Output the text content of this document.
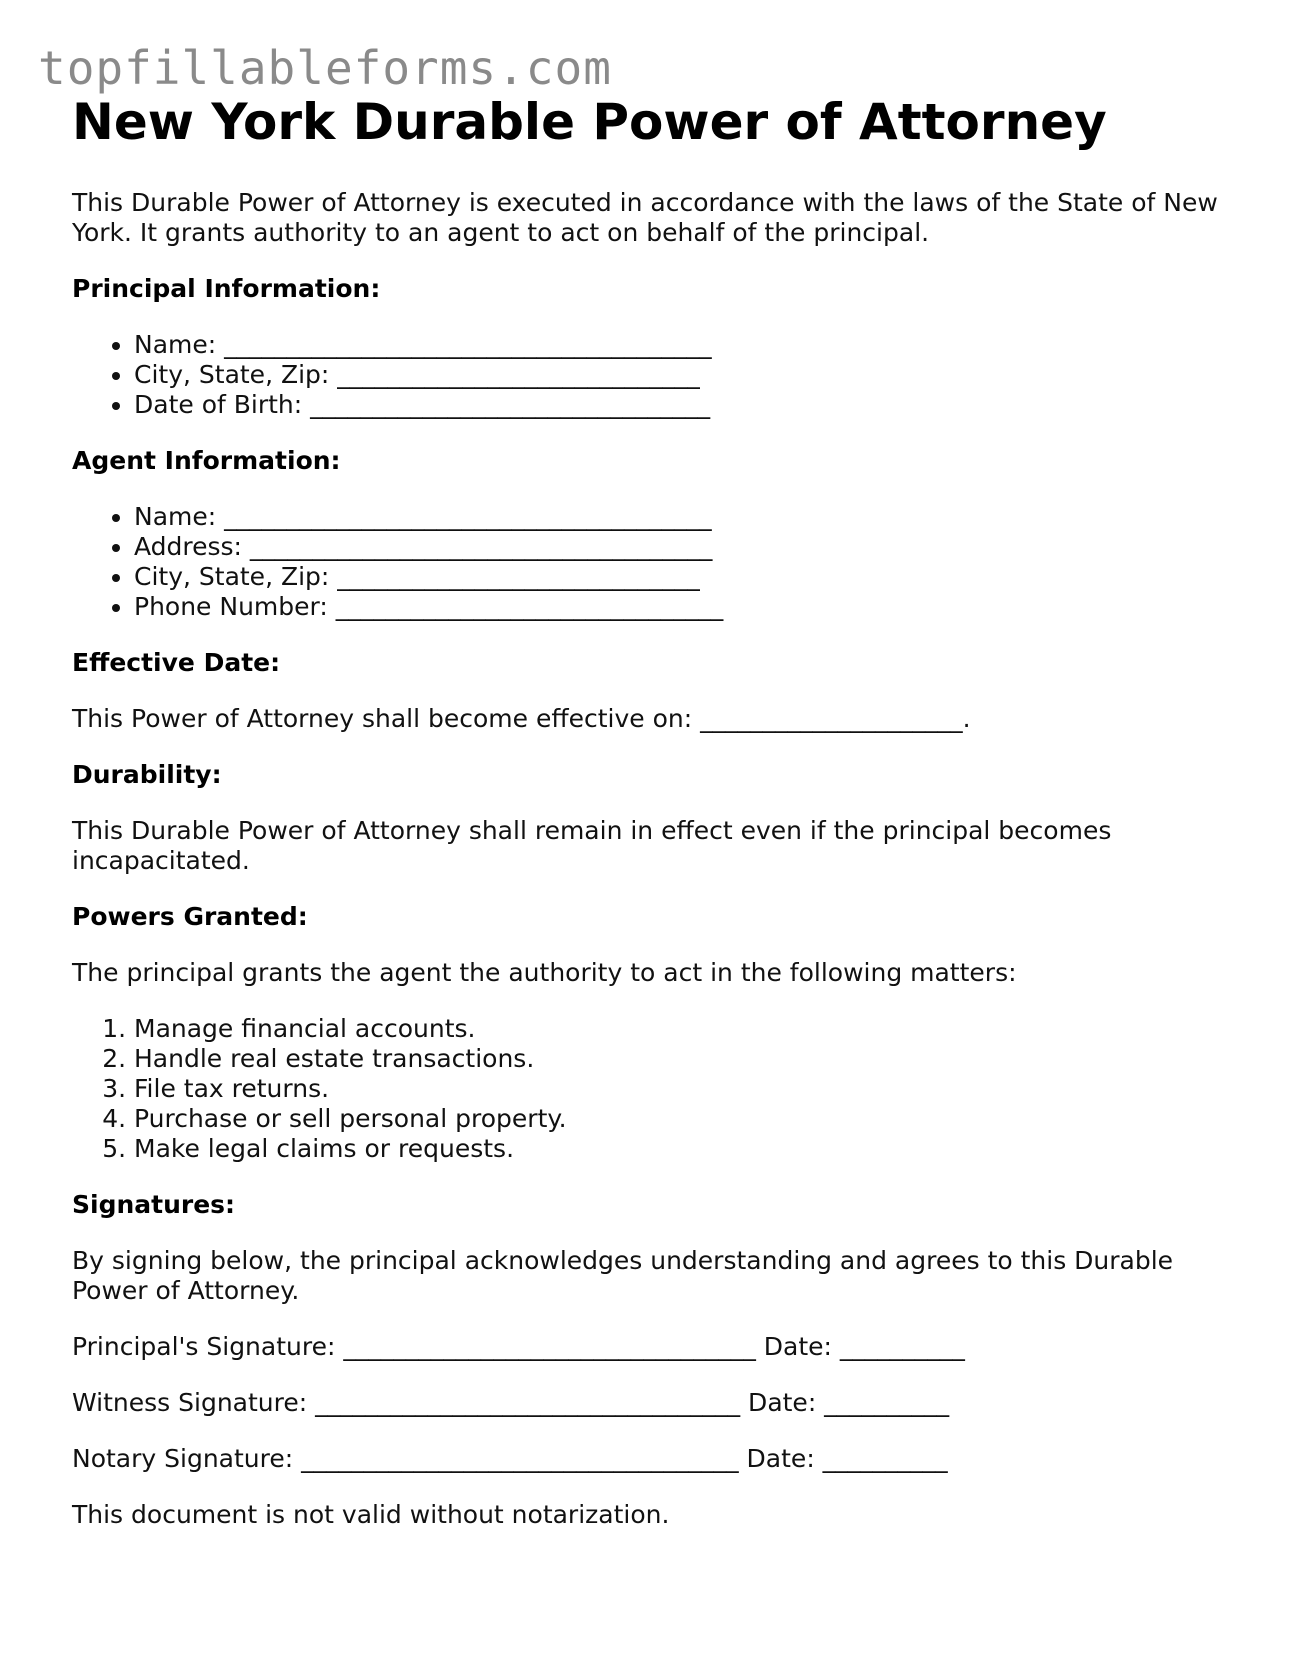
topfillableforms.com
New York Durable Power of Attorney

This Durable Power of Attorney is executed in accordance with the laws of the State of New York. It grants authority to an agent to act on behalf of the principal.

Principal Information:
• Name: _______________________________________
• City, State, Zip: _____________________________
• Date of Birth: ________________________________
Agent Information:
• Name: _______________________________________
• Address: _____________________________________
• City, State, Zip: _____________________________
• Phone Number: _______________________________
Effective Date:

This Power of Attorney shall become effective on: _____________________.

Durability:

This Durable Power of Attorney shall remain in effect even if the principal becomes incapacitated.

Powers Granted:

The principal grants the agent the authority to act in the following matters:

1. Manage financial accounts.
2. Handle real estate transactions.
3. File tax returns.
4. Purchase or sell personal property.
5. Make legal claims or requests.
Signatures:

By signing below, the principal acknowledges understanding and agrees to this Durable Power of Attorney.

Principal's Signature: _________________________________ Date: __________

Witness Signature: __________________________________ Date: __________

Notary Signature: ___________________________________ Date: __________

This document is not valid without notarization.
